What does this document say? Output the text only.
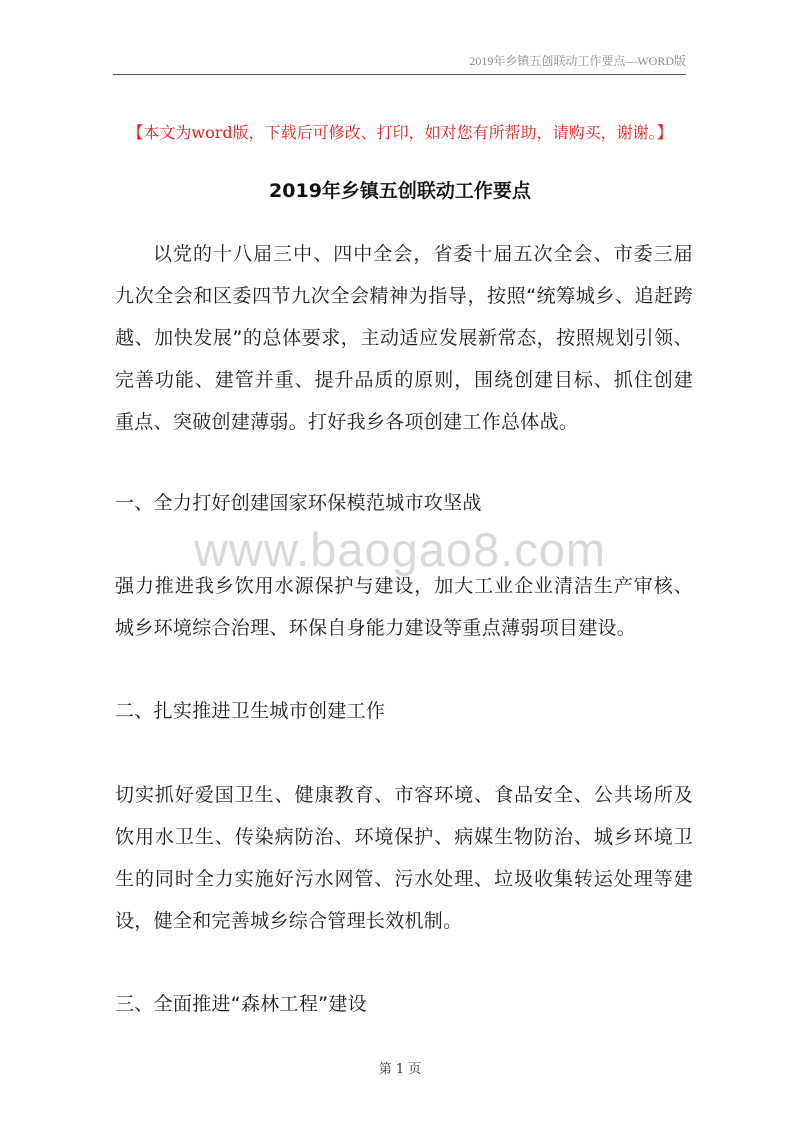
2019年乡镇五创联动工作要点—WORD版
【本文为word版，下载后可修改、打印，如对您有所帮助，请购买，谢谢。】
2019年乡镇五创联动工作要点

以党的十八届三中、四中全会，省委十届五次全会、市委三届九次全会和区委四节九次全会精神为指导，按照“统筹城乡、追赶跨越、加快发展”的总体要求，主动适应发展新常态，按照规划引领、完善功能、建管并重、提升品质的原则，围绕创建目标、抓住创建重点、突破创建薄弱。打好我乡各项创建工作总体战。

一、全力打好创建国家环保模范城市攻坚战
www.baogao8.com

强力推进我乡饮用水源保护与建设，加大工业企业清洁生产审核、城乡环境综合治理、环保自身能力建设等重点薄弱项目建设。

二、扎实推进卫生城市创建工作

切实抓好爱国卫生、健康教育、市容环境、食品安全、公共场所及饮用水卫生、传染病防治、环境保护、病媒生物防治、城乡环境卫生的同时全力实施好污水网管、污水处理、垃圾收集转运处理等建设，健全和完善城乡综合管理长效机制。

三、全面推进“森林工程”建设
第 1 页
